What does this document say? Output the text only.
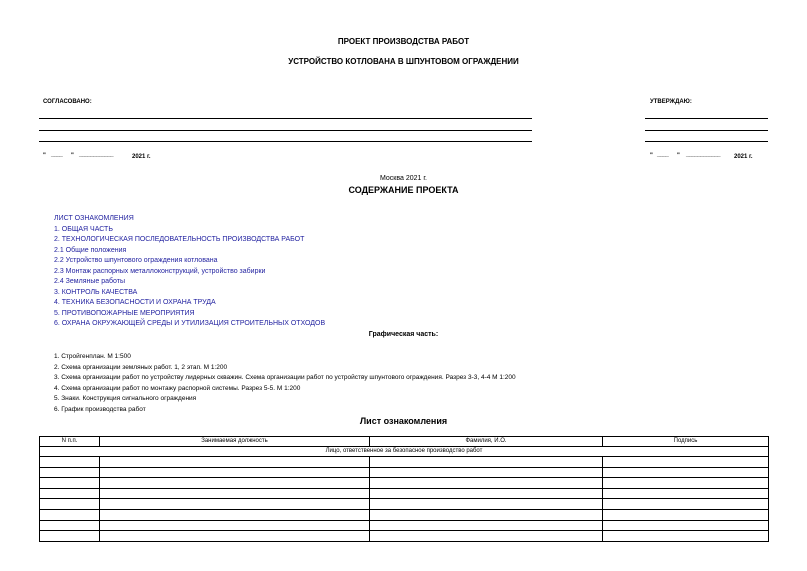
ПРОЕКТ ПРОИЗВОДСТВА РАБОТ
УСТРОЙСТВО КОТЛОВАНА В ШПУНТОВОМ ОГРАЖДЕНИИ
СОГЛАСОВАНО:	УТВЕРЖДАЮ:
" ____ " ____________	2021 г.	" ____ " ____________ 2021 г.
Москва 2021 г.
СОДЕРЖАНИЕ ПРОЕКТА
ЛИСТ ОЗНАКОМЛЕНИЯ
1. ОБЩАЯ ЧАСТЬ
2. ТЕХНОЛОГИЧЕСКАЯ ПОСЛЕДОВАТЕЛЬНОСТЬ ПРОИЗВОДСТВА РАБОТ
2.1 Общие положения
2.2 Устройство шпунтового ограждения котлована
2.3 Монтаж распорных металлоконструкций, устройство забирки
2.4 Земляные работы
3. КОНТРОЛЬ КАЧЕСТВА
4. ТЕХНИКА БЕЗОПАСНОСТИ И ОХРАНА ТРУДА
5. ПРОТИВОПОЖАРНЫЕ МЕРОПРИЯТИЯ
6. ОХРАНА ОКРУЖАЮЩЕЙ СРЕДЫ И УТИЛИЗАЦИЯ СТРОИТЕЛЬНЫХ ОТХОДОВ
Графическая часть:
1. Стройгенплан. М 1:500
2. Схема организации земляных работ. 1, 2 этап. М 1:200
3. Схема организации работ по устройству лидерных скважин. Схема организации работ по устройству шпунтового ограждения. Разрез 3-3, 4-4 М 1:200
4. Схема организации работ по монтажу распорной системы. Разрез 5-5. М 1:200
5. Знаки. Конструкция сигнального ограждения
6. График производства работ
Лист ознакомления
N п.п.	Занимаемая должность	Фамилия, И.О.	Подпись
Лицо, ответственное за безопасное производство работ			
